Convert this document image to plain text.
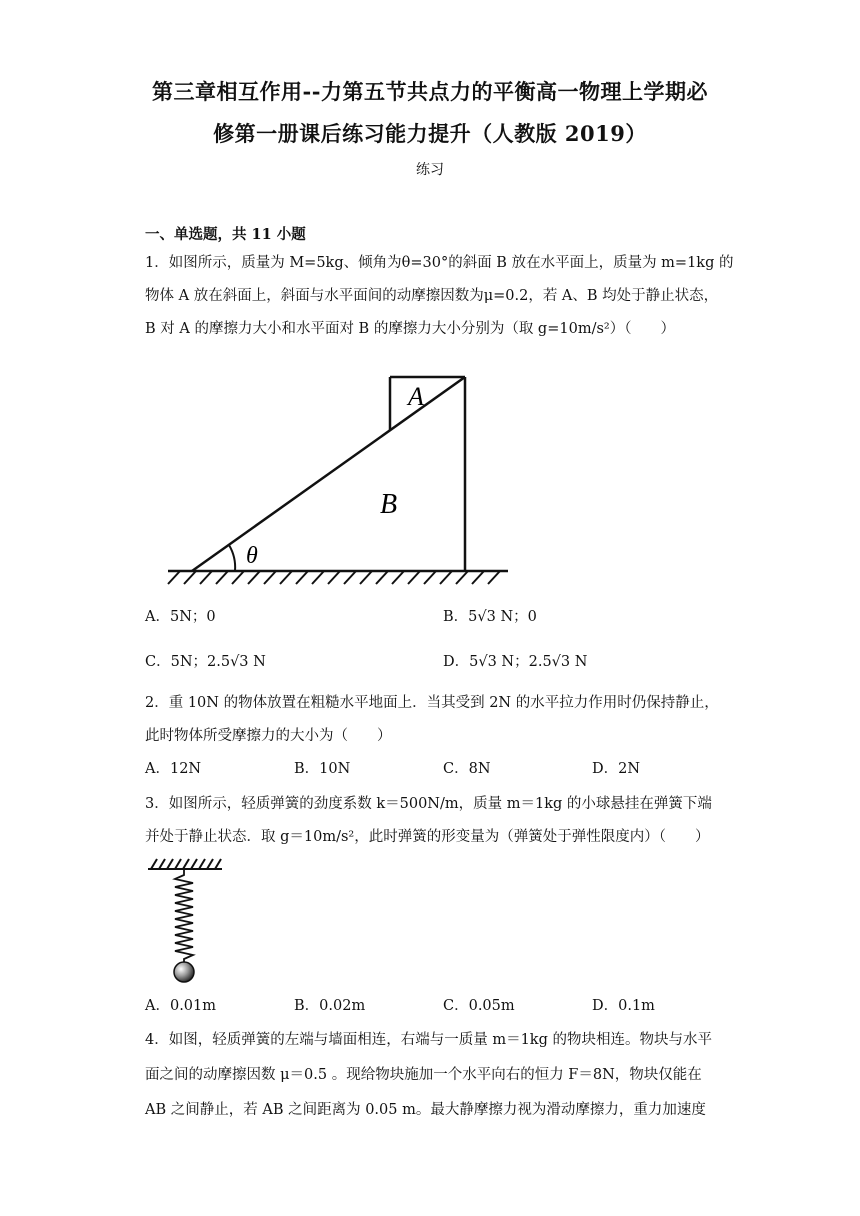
第三章相互作用--力第五节共点力的平衡高一物理上学期必
修第一册课后练习能力提升（人教版 2019）
练习
一、单选题，共 11 小题
1．如图所示，质量为 M=5kg、倾角为θ=30°的斜面 B 放在水平面上，质量为 m=1kg 的
物体 A 放在斜面上，斜面与水平面间的动摩擦因数为μ=0.2，若 A、B 均处于静止状态，
B 对 A 的摩擦力大小和水平面对 B 的摩擦力大小分别为（取 g=10m/s²）（　　）
A
B
θ
A．5N；0	B．5√3 N；0
C．5N；2.5√3 N	D．5√3 N；2.5√3 N
2．重 10N 的物体放置在粗糙水平地面上．当其受到 2N 的水平拉力作用时仍保持静止，
此时物体所受摩擦力的大小为（　　）
A．12N	B．10N	C．8N	D．2N
3．如图所示，轻质弹簧的劲度系数 k＝500N/m，质量 m＝1kg 的小球悬挂在弹簧下端
并处于静止状态．取 g＝10m/s²，此时弹簧的形变量为（弹簧处于弹性限度内）（　　）
A．0.01m	B．0.02m	C．0.05m	D．0.1m
4．如图，轻质弹簧的左端与墙面相连，右端与一质量 m＝1kg 的物块相连。物块与水平
面之间的动摩擦因数 μ＝0.5 。现给物块施加一个水平向右的恒力 F＝8N，物块仅能在
AB 之间静止，若 AB 之间距离为 0.05 m。最大静摩擦力视为滑动摩擦力，重力加速度
